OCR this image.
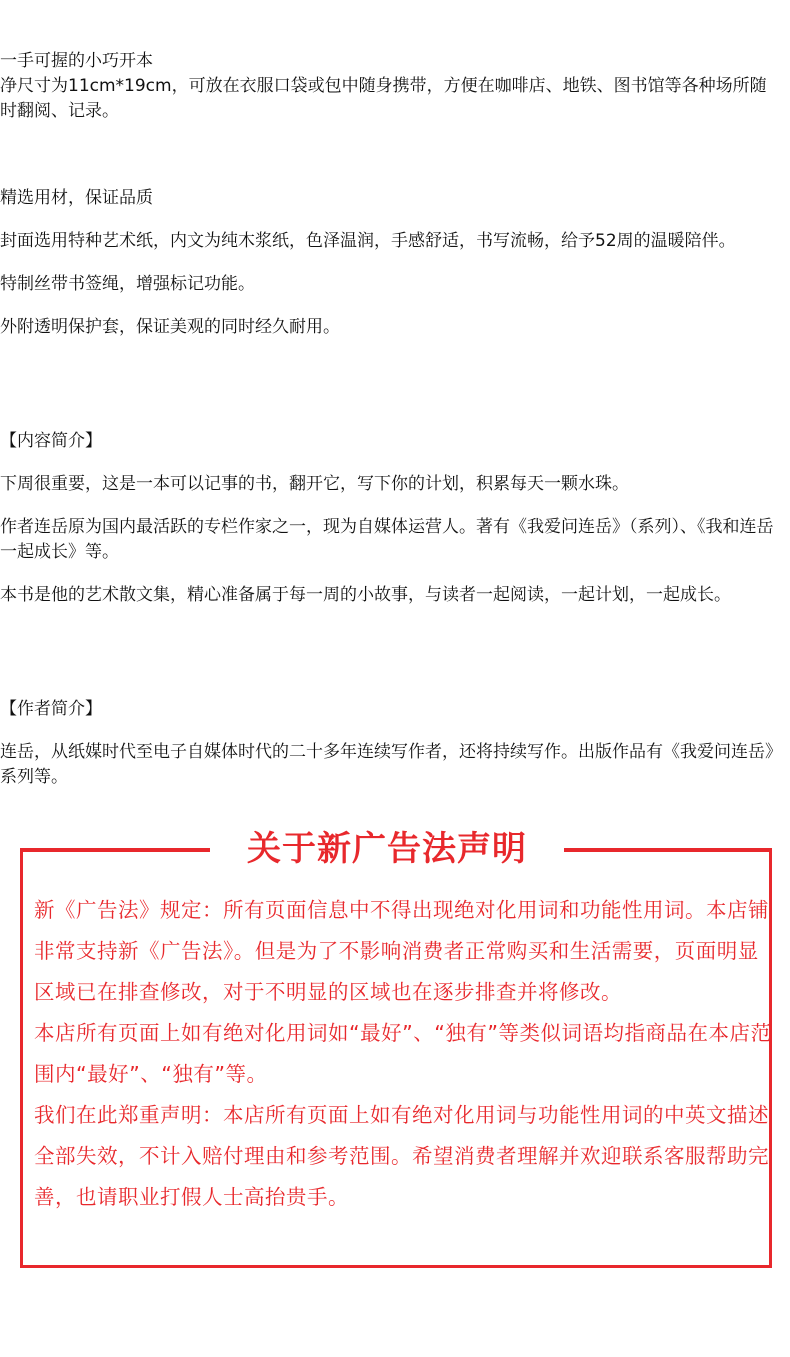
一手可握的小巧开本

净尺寸为11cm*19cm，可放在衣服口袋或包中随身携带，方便在咖啡店、地铁、图书馆等各种场所随时翻阅、记录。

精选用材，保证品质

封面选用特种艺术纸，内文为纯木浆纸，色泽温润，手感舒适，书写流畅，给予52周的温暖陪伴。

特制丝带书签绳，增强标记功能。

外附透明保护套，保证美观的同时经久耐用。

【内容简介】

下周很重要，这是一本可以记事的书，翻开它，写下你的计划，积累每天一颗水珠。

作者连岳原为国内最活跃的专栏作家之一，现为自媒体运营人。著有《我爱问连岳》（系列）、《我和连岳一起成长》等。

本书是他的艺术散文集，精心准备属于每一周的小故事，与读者一起阅读，一起计划，一起成长。

【作者简介】

连岳，从纸媒时代至电子自媒体时代的二十多年连续写作者，还将持续写作。出版作品有《我爱问连岳》系列等。

关于新广告法声明

新《广告法》规定：所有页面信息中不得出现绝对化用词和功能性用词。本店铺非常支持新《广告法》。但是为了不影响消费者正常购买和生活需要，页面明显区域已在排查修改，对于不明显的区域也在逐步排查并将修改。

本店所有页面上如有绝对化用词如“最好”、“独有”等类似词语均指商品在本店范围内“最好”、“独有”等。

我们在此郑重声明：本店所有页面上如有绝对化用词与功能性用词的中英文描述全部失效，不计入赔付理由和参考范围。希望消费者理解并欢迎联系客服帮助完善，也请职业打假人士高抬贵手。
